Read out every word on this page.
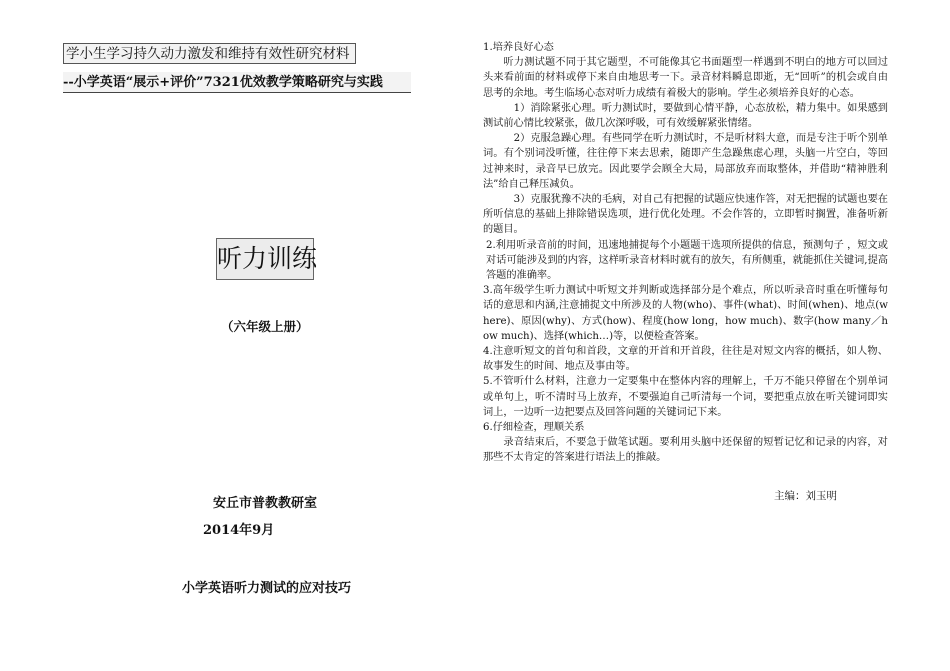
学小生学习持久动力激发和维持有效性研究材料
--小学英语“展示+评价”7321优效教学策略研究与实践
听力训练
（六年级上册）
安丘市普教教研室
2014年9月
小学英语听力测试的应对技巧

1.培养良好心态

听力测试题不同于其它题型，不可能像其它书面题型一样遇到不明白的地方可以回过头来看前面的材料或停下来自由地思考一下。录音材料瞬息即逝，无“回听”的机会或自由思考的余地。考生临场心态对听力成绩有着极大的影响。学生必须培养良好的心态。

1）消除紧张心理。听力测试时，要做到心情平静，心态放松，精力集中。如果感到测试前心情比较紧张，做几次深呼吸，可有效缓解紧张情绪。

2）克服急躁心理。有些同学在听力测试时，不是听材料大意，而是专注于听个别单词。有个别词没听懂，往往停下来去思索，随即产生急躁焦虑心理，头脑一片空白，等回过神来时，录音早已放完。因此要学会顾全大局，局部放弃而取整体，并借助“精神胜利法”给自己释压减负。

3）克服犹豫不决的毛病，对自己有把握的试题应快速作答，对无把握的试题也要在所听信息的基础上排除错误选项，进行优化处理。不会作答的，立即暂时搁置，准备听新的题目。

2.利用听录音前的时间，迅速地捕捉每个小题题干选项所提供的信息，预测句子 ，短文或对话可能涉及到的内容，这样听录音材料时就有的放矢，有所侧重，就能抓住关键词,提高答题的准确率。

3.高年级学生听力测试中听短文并判断或选择部分是个难点，所以听录音时重在听懂每句话的意思和内涵,注意捕捉文中所涉及的人物(who)、事件(what)、时间(when)、地点(where)、原因(why)、方式(how)、程度(how long，how much)、数字(how many／how much)、选择(which…)等，以便检查答案。

4.注意听短文的首句和首段，文章的开首和开首段，往往是对短文内容的概括，如人物、故事发生的时间、地点及事由等。

5.不管听什么材料，注意力一定要集中在整体内容的理解上，千万不能只停留在个别单词或单句上，听不清时马上放弃，不要强迫自己听清每一个词，要把重点放在听关键词即实词上，一边听一边把要点及回答问题的关键词记下来。

6.仔细检查，理顺关系

录音结束后，不要急于做笔试题。要利用头脑中还保留的短暂记忆和记录的内容，对那些不太肯定的答案进行语法上的推敲。

主编：刘玉明
